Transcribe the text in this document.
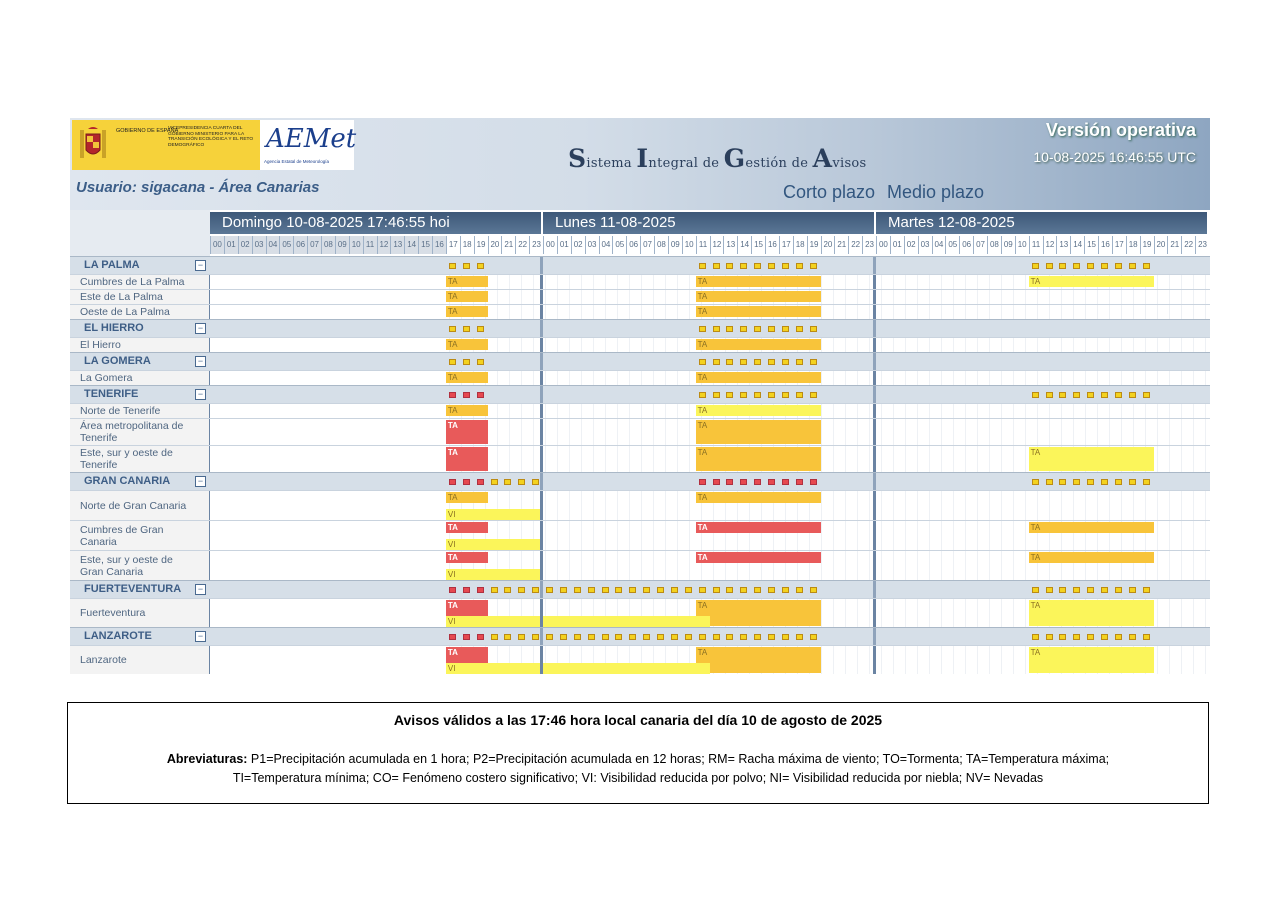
GOBIERNO DE ESPAÑA
VICEPRESIDENCIA CUARTA DEL GOBIERNO MINISTERIO PARA LA TRANSICIÓN ECOLÓGICA Y EL RETO DEMOGRÁFICO	AEMet
Agencia Estatal de Meteorología	Sistema Integral de Gestión de Avisos
Versión operativa
10-08-2025 16:46:55 UTC
Usuario: sigacana - Área Canarias	Corto plazo Medio plazo
Domingo 10-08-2025 17:46:55 hoi
00 01 02 03 04 05 06 07 08 09 10 11 12 13 14 15 16 17 18 19 20 21 22 23
Lunes 11-08-2025
00 01 02 03 04 05 06 07 08 09 10 11 12 13 14 15 16 17 18 19 20 21 22 23
Martes 12-08-2025
00 01 02 03 04 05 06 07 08 09 10 11 12 13 14 15 16 17 18 19 20 21 22 23
LA PALMA	−
Cumbres de La Palma	TA	TA	TA
Este de La Palma	TA	TA
Oeste de La Palma	TA	TA
EL HIERRO	−
El Hierro	TA	TA
LA GOMERA	−
La Gomera	TA	TA
TENERIFE	−
Norte de Tenerife	TA	TA
Área metropolitana de Tenerife
TA	TA
Este, sur y oeste de Tenerife
TA	TA	TA
GRAN CANARIA	−
Norte de Gran Canaria
TA	TA
VI
Cumbres de Gran Canaria
TA	TA	TA
VI
Este, sur y oeste de Gran Canaria
TA	TA	TA
VI
FUERTEVENTURA	−
Fuerteventura
TA	TA	TA
VI
LANZAROTE	−
Lanzarote
TA	TA	TA
VI
Avisos válidos a las 17:46 hora local canaria del día 10 de agosto de 2025
Abreviaturas: P1=Precipitación acumulada en 1 hora; P2=Precipitación acumulada en 12 horas; RM= Racha máxima de viento; TO=Tormenta; TA=Temperatura máxima;
TI=Temperatura mínima; CO= Fenómeno costero significativo; VI: Visibilidad reducida por polvo; NI= Visibilidad reducida por niebla; NV= Nevadas
